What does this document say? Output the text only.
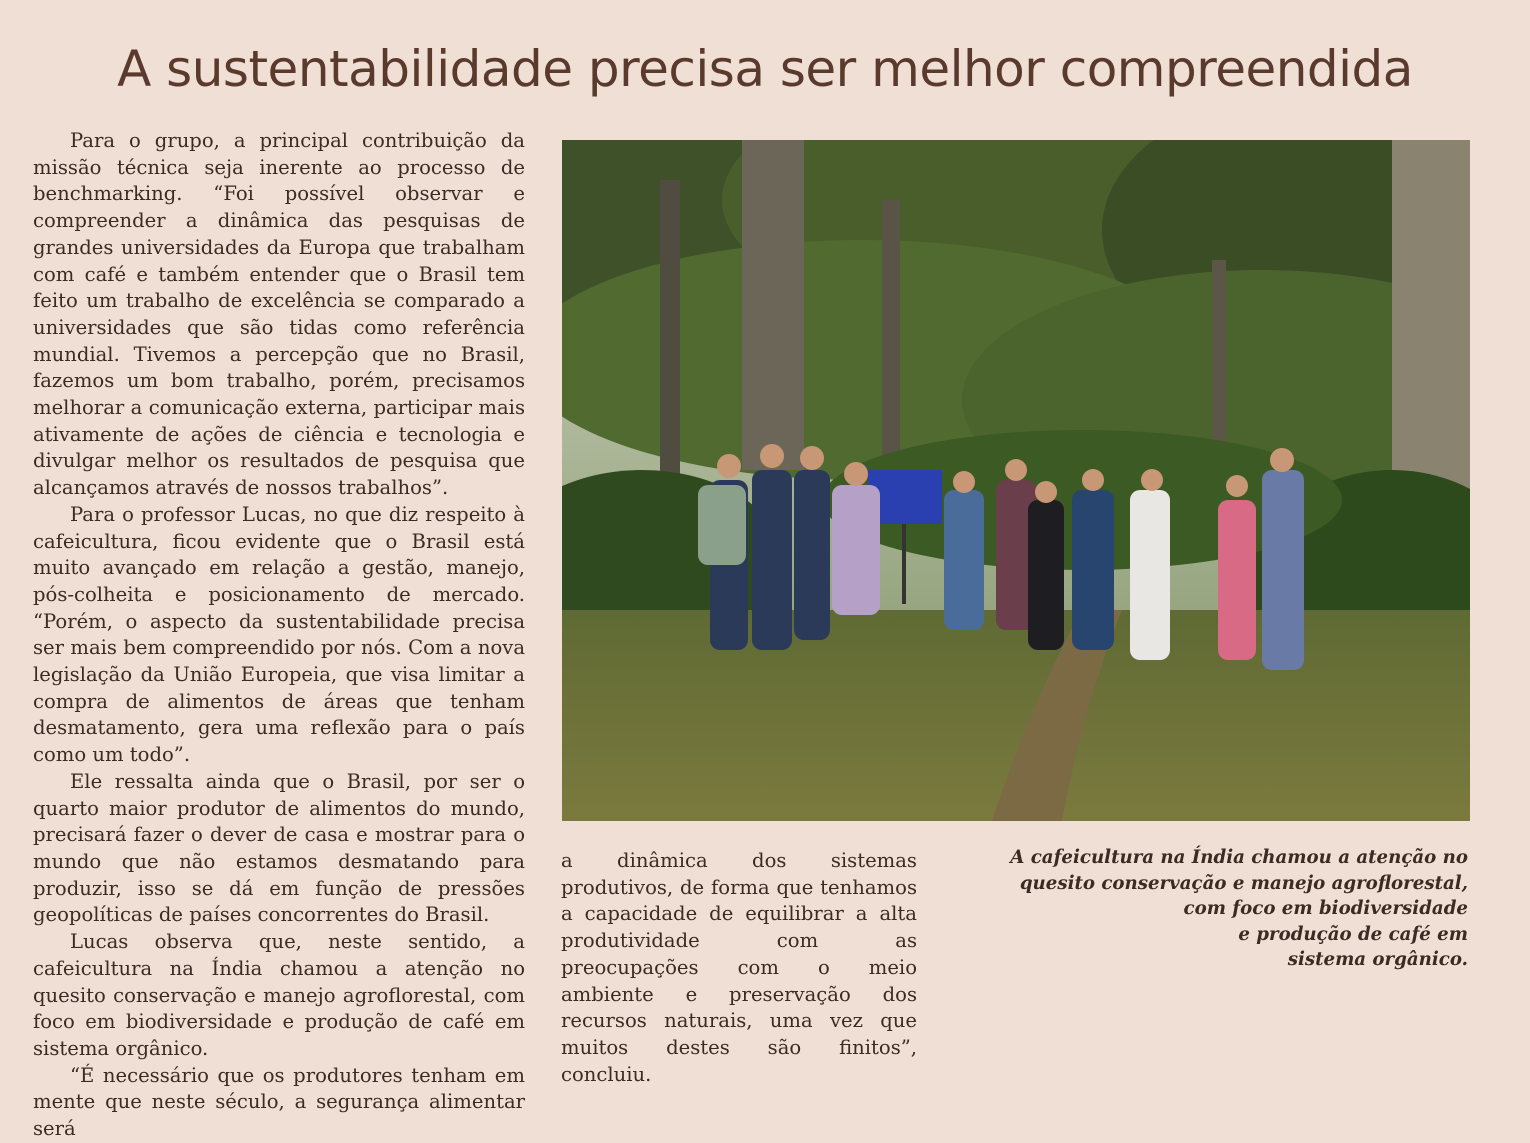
A sustentabilidade precisa ser melhor compreendida

Para o grupo, a principal contribuição da missão técnica seja inerente ao processo de benchmarking. “Foi possível observar e compreender a dinâmica das pesquisas de grandes universidades da Europa que trabalham com café e também entender que o Brasil tem feito um trabalho de excelência se comparado a universidades que são tidas como referência mundial. Tivemos a percepção que no Brasil, fazemos um bom trabalho, porém, precisamos melhorar a comunicação externa, participar mais ativamente de ações de ciência e tecnologia e divulgar melhor os resultados de pesquisa que alcançamos através de nossos trabalhos”.

Para o professor Lucas, no que diz respeito à cafeicultura, ficou evidente que o Brasil está muito avançado em relação a gestão, manejo, pós-colheita e posicionamento de mercado. “Porém, o aspecto da sustentabilidade precisa ser mais bem compreendido por nós. Com a nova legislação da União Europeia, que visa limitar a compra de alimentos de áreas que tenham desmatamento, gera uma reflexão para o país como um todo”.

Ele ressalta ainda que o Brasil, por ser o quarto maior produtor de alimentos do mundo, precisará fazer o dever de casa e mostrar para o mundo que não estamos desmatando para produzir, isso se dá em função de pressões geopolíticas de países concorrentes do Brasil.

Lucas observa que, neste sentido, a cafeicultura na Índia chamou a atenção no quesito conservação e manejo agroflorestal, com foco em biodiversidade e produção de café em sistema orgânico.

“É necessário que os produtores tenham em mente que neste século, a segurança alimentar será

a dinâmica dos sistemas produtivos, de forma que tenhamos a capacidade de equilibrar a alta produtividade com as preocupações com o meio ambiente e preservação dos recursos naturais, uma vez que muitos destes são finitos”, concluiu.

A cafeicultura na Índia chamou a atenção no
quesito conservação e manejo agroflorestal,
com foco em biodiversidade
e produção de café em
sistema orgânico.
